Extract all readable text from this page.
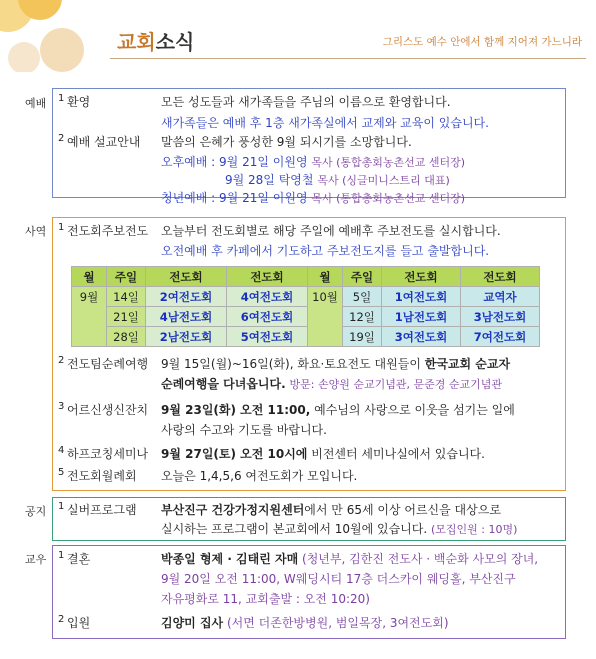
교회소식	그리스도 예수 안에서 함께 지어져 가느니라
예배 1 환영	모든 성도들과 새가족들을 주님의 이름으로 환영합니다.
새가족들은 예배 후 1층 새가족실에서 교제와 교육이 있습니다.
2 예배 설교안내 말씀의 은혜가 풍성한 9월 되시기를 소망합니다.
오후예배 : 9월 21일 이원영 목사 (통합총회농촌선교 센터장)
9월 28일 탁영철 목사 (싱글미니스트리 대표)
청년예배 : 9월 21일 이원영 목사 (통합총회농촌선교 센터장)
사역 1 전도회주보전도 오늘부터 전도회별로 해당 주일에 예배후 주보전도를 실시합니다.
오전예배 후 카페에서 기도하고 주보전도지를 들고 출발합니다.
월	주일	전도회	전도회	월	주일	전도회	전도회
9월	14일	2여전도회	4여전도회	10월	5일	1여전도회	교역자
	21일	4남전도회	6여전도회		12일	1남전도회	3남전도회
	28일	2남전도회	5여전도회		19일	3여전도회	7여전도회
2 전도팀순례여행 9월 15일(월)~16일(화), 화요·토요전도 대원들이 한국교회 순교자
순례여행을 다녀옵니다. 방문: 손양원 순교기념관, 문준경 순교기념관
3 어르신생신잔치 9월 23일(화) 오전 11:00, 예수님의 사랑으로 이웃을 섬기는 일에
사랑의 수고와 기도를 바랍니다.
4 하프코칭세미나 9월 27일(토) 오전 10시에 비전센터 세미나실에서 있습니다.
5 전도회월례회 오늘은 1,4,5,6 여전도회가 모입니다.
공지 1 실버프로그램 부산진구 건강가정지원센터에서 만 65세 이상 어르신을 대상으로
실시하는 프로그램이 본교회에서 10월에 있습니다. (모집인원 : 10명)
교우 1 결혼	박종일 형제 · 김태린 자매 (청년부, 김한진 전도사 · 백순화 사모의 장녀,
9월 20일 오전 11:00, W웨딩시티 17층 더스카이 웨딩홀, 부산진구
자유평화로 11, 교회출발 : 오전 10:20)
2 입원	김양미 집사 (서면 더존한방병원, 범일목장, 3여전도회)
